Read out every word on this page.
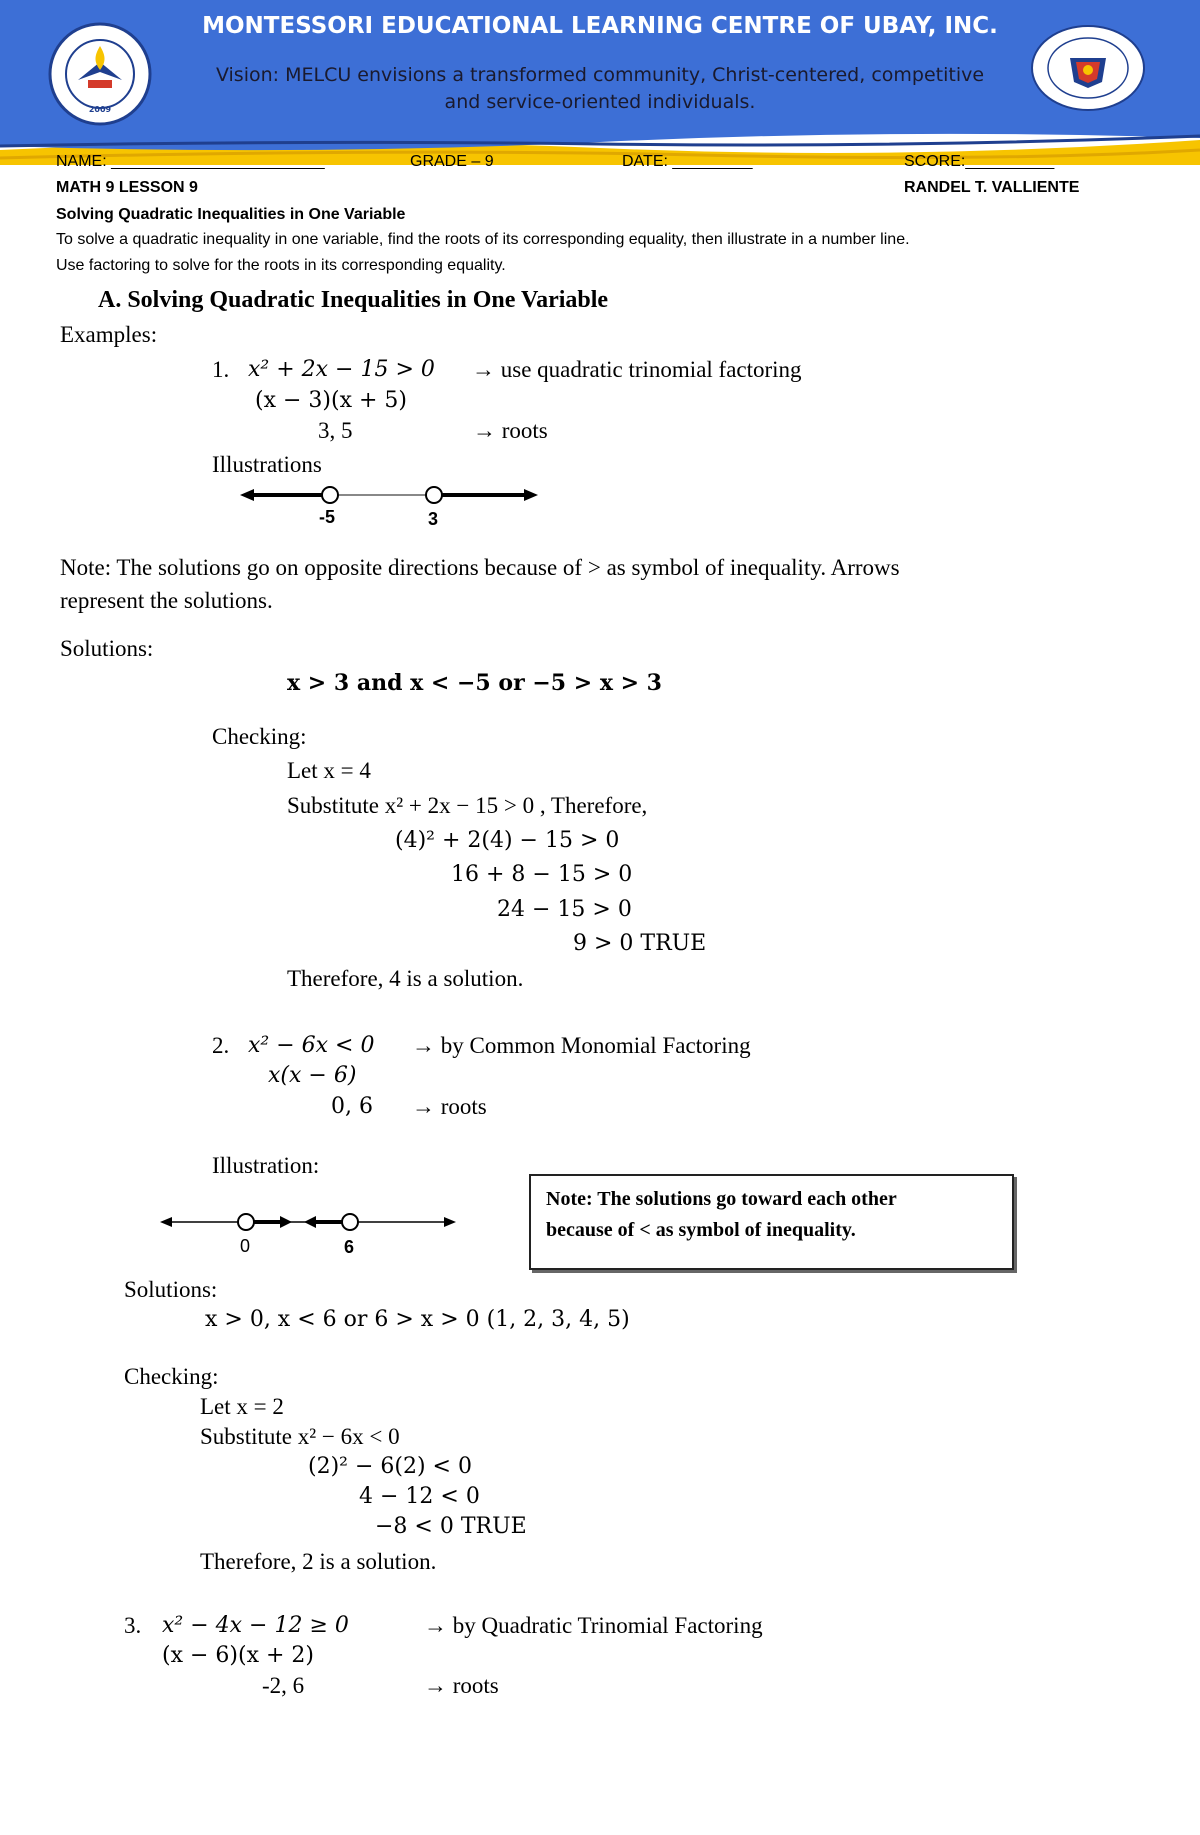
2009
MONTESSORI EDUCATIONAL LEARNING CENTRE OF UBAY, INC.
Vision: MELCU envisions a transformed community, Christ-centered, competitive and service-oriented individuals.
NAME: ________________________	GRADE – 9	DATE: _________	SCORE:__________
MATH 9 LESSON 9	RANDEL T. VALLIENTE
Solving Quadratic Inequalities in One Variable
To solve a quadratic inequality in one variable, find the roots of its corresponding equality, then illustrate in a number line.
Use factoring to solve for the roots in its corresponding equality.
A. Solving Quadratic Inequalities in One Variable
Examples:
1. x² + 2x − 15 > 0 → use quadratic trinomial factoring
(x − 3)(x + 5)
3, 5	→ roots
Illustrations
-5	3
Note: The solutions go on opposite directions because of > as symbol of inequality. Arrows
represent the solutions.
Solutions:
x > 3 and x < −5 or −5 > x > 3
Checking:
Let x = 4
Substitute x² + 2x − 15 > 0 , Therefore,
(4)² + 2(4) − 15 > 0
16 + 8 − 15 > 0
24 − 15 > 0
9 > 0 TRUE
Therefore, 4 is a solution.
2. x² − 6x < 0 → by Common Monomial Factoring
x(x − 6)
0, 6 → roots
Illustration:
0	6
Note: The solutions go toward each other
because of < as symbol of inequality.
Solutions:
x > 0, x < 6 or 6 > x > 0 (1, 2, 3, 4, 5)
Checking:
Let x = 2
Substitute x² − 6x < 0
(2)² − 6(2) < 0
4 − 12 < 0
−8 < 0 TRUE
Therefore, 2 is a solution.
3. x² − 4x − 12 ≥ 0	→ by Quadratic Trinomial Factoring
(x − 6)(x + 2)
-2, 6	→ roots
